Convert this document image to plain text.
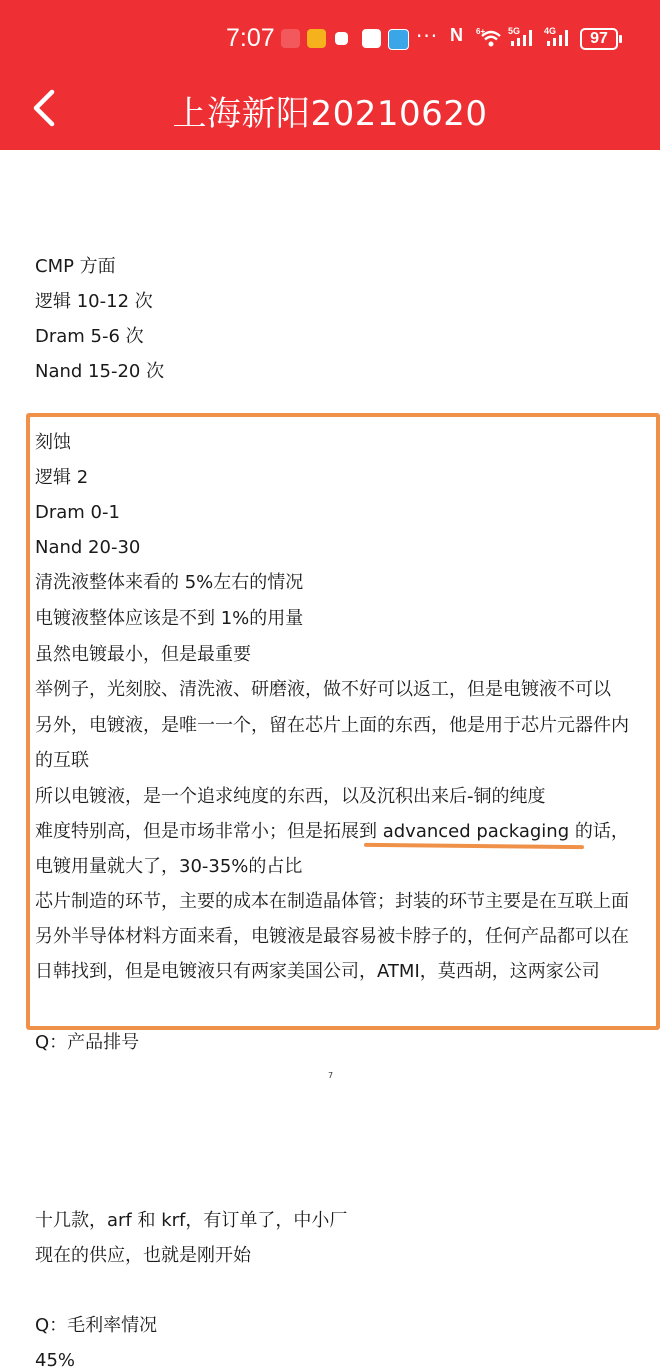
7:07	··· N 6+	5G	4G	97
上海新阳20210620
CMP 方面
逻辑 10-12 次
Dram 5-6 次
Nand 15-20 次
刻蚀
逻辑 2
Dram 0-1
Nand 20-30
清洗液整体来看的 5%左右的情况
电镀液整体应该是不到 1%的用量
虽然电镀最小，但是最重要
举例子，光刻胶、清洗液、研磨液，做不好可以返工，但是电镀液不可以
另外，电镀液，是唯一一个，留在芯片上面的东西，他是用于芯片元器件内
的互联
所以电镀液，是一个追求纯度的东西，以及沉积出来后-铜的纯度
难度特别高，但是市场非常小；但是拓展到 advanced packaging 的话，
电镀用量就大了，30-35%的占比
芯片制造的环节，主要的成本在制造晶体管；封装的环节主要是在互联上面
另外半导体材料方面来看，电镀液是最容易被卡脖子的，任何产品都可以在
日韩找到，但是电镀液只有两家美国公司，ATMI，莫西胡，这两家公司
Q：产品排号
7
十几款，arf 和 krf，有订单了，中小厂
现在的供应，也就是刚开始
Q：毛利率情况
45%
